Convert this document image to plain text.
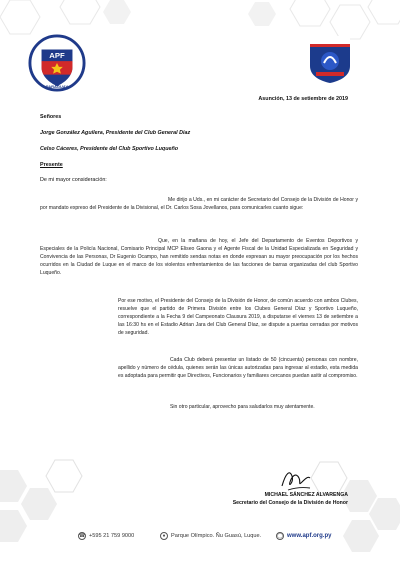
APF
PARAGUAY
Asunción, 13 de setiembre de 2019
Señores
Jorge González Aguilera, Presidente del Club General Díaz
Celso Cáceres, Presidente del Club Sportivo Luqueño
Presente
De mi mayor consideración:
Me dirijo a Uds., en mi carácter de Secretario del Consejo de la División de Honor y por mandato expreso del Presidente de la Divisional, el Dr. Carlos Sosa Jovellanos, para comunicarles cuanto sigue:
Que, en la mañana de hoy, el Jefe del Departamento de Eventos Deportivos y Especiales de la Policía Nacional, Comisario Principal MCP Eliseo Gaona y el Agente Fiscal de la Unidad Especializada en Seguridad y Convivencia de las Personas, Dr Eugenio Ocampo, han remitido sendas notas en donde expresan su mayor preocupación por los hechos ocurridos en la Ciudad de Luque en el marco de los violentos enfrentamientos de las facciones de barras organizadas del club Sportivo Luqueño.
Por ese motivo, el Presidente del Consejo de la División de Honor, de común acuerdo con ambos Clubes, resuelve que el partido de Primera División entre los Clubes General Díaz y Sportivo Luqueño, correspondiente a la Fecha 9 del Campeonato Clausura 2019, a disputarse el viernes 13 de setiembre a las 16:30 hs en el Estadio Adrian Jara del Club General Díaz, se dispute a puertas cerradas por motivos de seguridad.
Cada Club deberá presentar un listado de 50 (cincuenta) personas con nombre, apellido y número de cédula, quienes serán las únicas autorizadas para ingresar al estadio, esta medida es adoptada para permitir que Directivos, Funcionarios y familiares cercanos puedan asitir al compromiso.
Sin otro particular, aprovecho para saludarlos muy atentamente.
MICHAEL SÁNCHEZ ALVARENGA
Secretario del Consejo de la División de Honor
☎ +595 21 759 9000	● Parque Olímpico. Ñu Guasú, Luque.	◯ www.apf.org.py
